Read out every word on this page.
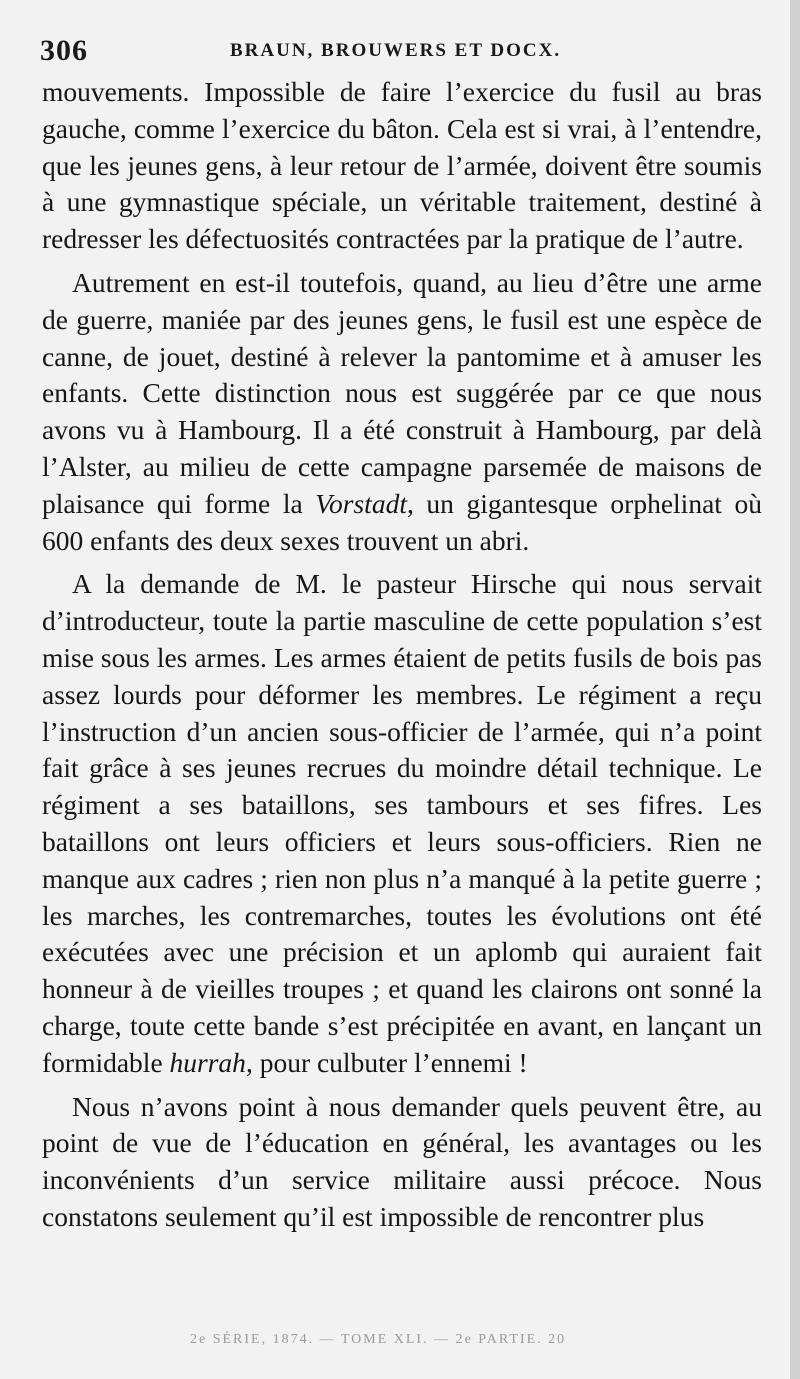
306	BRAUN, BROUWERS ET DOCX.

mouvements. Impossible de faire l’exercice du fusil au bras gauche, comme l’exercice du bâton. Cela est si vrai, à l’entendre, que les jeunes gens, à leur retour de l’armée, doivent être soumis à une gymnastique spéciale, un véritable traitement, destiné à redresser les défectuosités contractées par la pratique de l’autre.

Autrement en est-il toutefois, quand, au lieu d’être une arme de guerre, maniée par des jeunes gens, le fusil est une espèce de canne, de jouet, destiné à relever la pantomime et à amuser les enfants. Cette distinction nous est suggérée par ce que nous avons vu à Hambourg. Il a été construit à Hambourg, par delà l’Alster, au milieu de cette campagne parsemée de maisons de plaisance qui forme la Vorstadt, un gigantesque orphelinat où 600 enfants des deux sexes trouvent un abri.

A la demande de M. le pasteur Hirsche qui nous servait d’introducteur, toute la partie masculine de cette population s’est mise sous les armes. Les armes étaient de petits fusils de bois pas assez lourds pour déformer les membres. Le régiment a reçu l’instruction d’un ancien sous-officier de l’armée, qui n’a point fait grâce à ses jeunes recrues du moindre détail technique. Le régiment a ses bataillons, ses tambours et ses fifres. Les bataillons ont leurs officiers et leurs sous-officiers. Rien ne manque aux cadres ; rien non plus n’a manqué à la petite guerre ; les marches, les contremarches, toutes les évolutions ont été exécutées avec une précision et un aplomb qui auraient fait honneur à de vieilles troupes ; et quand les clairons ont sonné la charge, toute cette bande s’est précipitée en avant, en lançant un formidable hurrah, pour culbuter l’ennemi !

Nous n’avons point à nous demander quels peuvent être, au point de vue de l’éducation en général, les avantages ou les inconvénients d’un service militaire aussi précoce. Nous constatons seulement qu’il est impossible de rencontrer plus

2e SÉRIE, 1874. — TOME XLI. — 2e PARTIE. 20
